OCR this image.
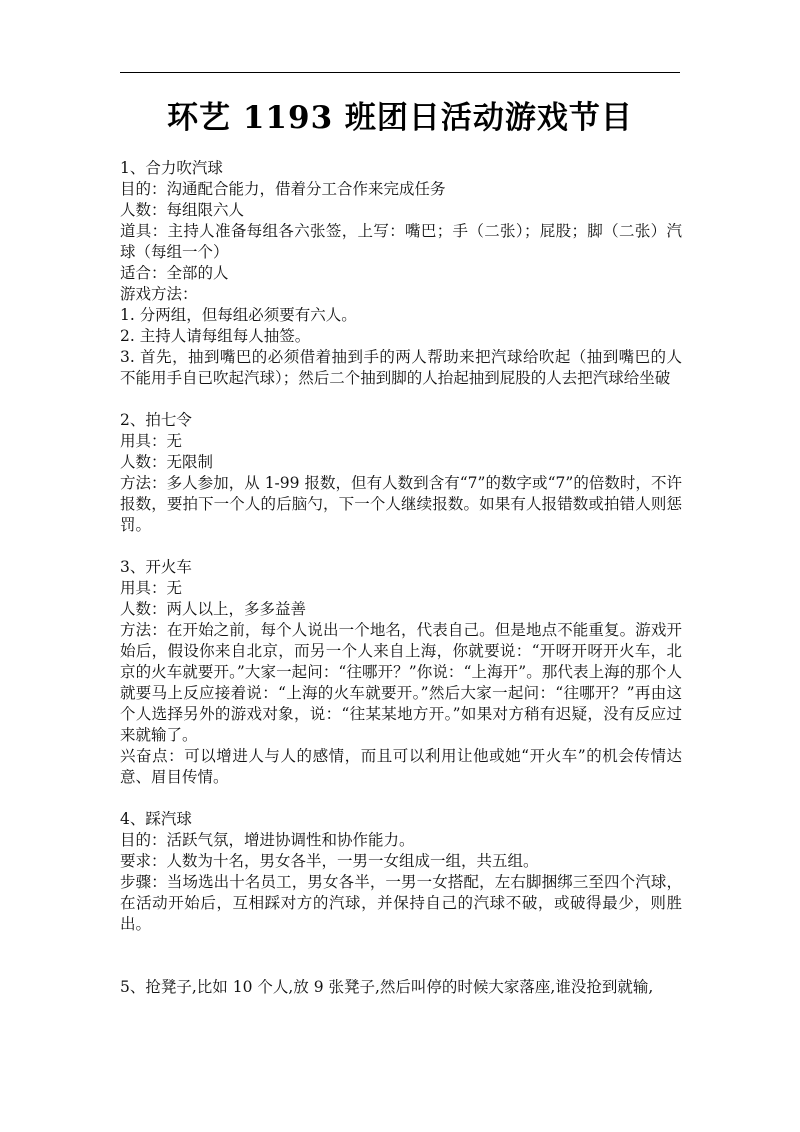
环艺 1193 班团日活动游戏节目
1、合力吹汽球
目的：沟通配合能力，借着分工合作来完成任务
人数：每组限六人
道具：主持人准备每组各六张签，上写：嘴巴；手（二张）；屁股；脚（二张）汽球（每组一个）
适合：全部的人
游戏方法：
1. 分两组，但每组必须要有六人。
2. 主持人请每组每人抽签。
3. 首先，抽到嘴巴的必须借着抽到手的两人帮助来把汽球给吹起（抽到嘴巴的人不能用手自已吹起汽球）；然后二个抽到脚的人抬起抽到屁股的人去把汽球给坐破
2、拍七令
用具：无
人数：无限制
方法：多人参加，从 1-99 报数，但有人数到含有“7”的数字或“7”的倍数时，不许报数，要拍下一个人的后脑勺，下一个人继续报数。如果有人报错数或拍错人则惩罚。
3、开火车
用具：无
人数：两人以上，多多益善
方法：在开始之前，每个人说出一个地名，代表自己。但是地点不能重复。游戏开始后，假设你来自北京，而另一个人来自上海，你就要说：“开呀开呀开火车，北京的火车就要开。”大家一起问：“往哪开？”你说：“上海开”。那代表上海的那个人就要马上反应接着说：“上海的火车就要开。”然后大家一起问：“往哪开？”再由这个人选择另外的游戏对象，说：“往某某地方开。”如果对方稍有迟疑，没有反应过来就输了。
兴奋点：可以增进人与人的感情，而且可以利用让他或她“开火车”的机会传情达意、眉目传情。
4、踩汽球
目的：活跃气氛，增进协调性和协作能力。
要求：人数为十名，男女各半，一男一女组成一组，共五组。
步骤：当场选出十名员工，男女各半，一男一女搭配，左右脚捆绑三至四个汽球，在活动开始后，互相踩对方的汽球，并保持自己的汽球不破，或破得最少，则胜出。
5、抢凳子,比如 10 个人,放 9 张凳子,然后叫停的时候大家落座,谁没抢到就输,
